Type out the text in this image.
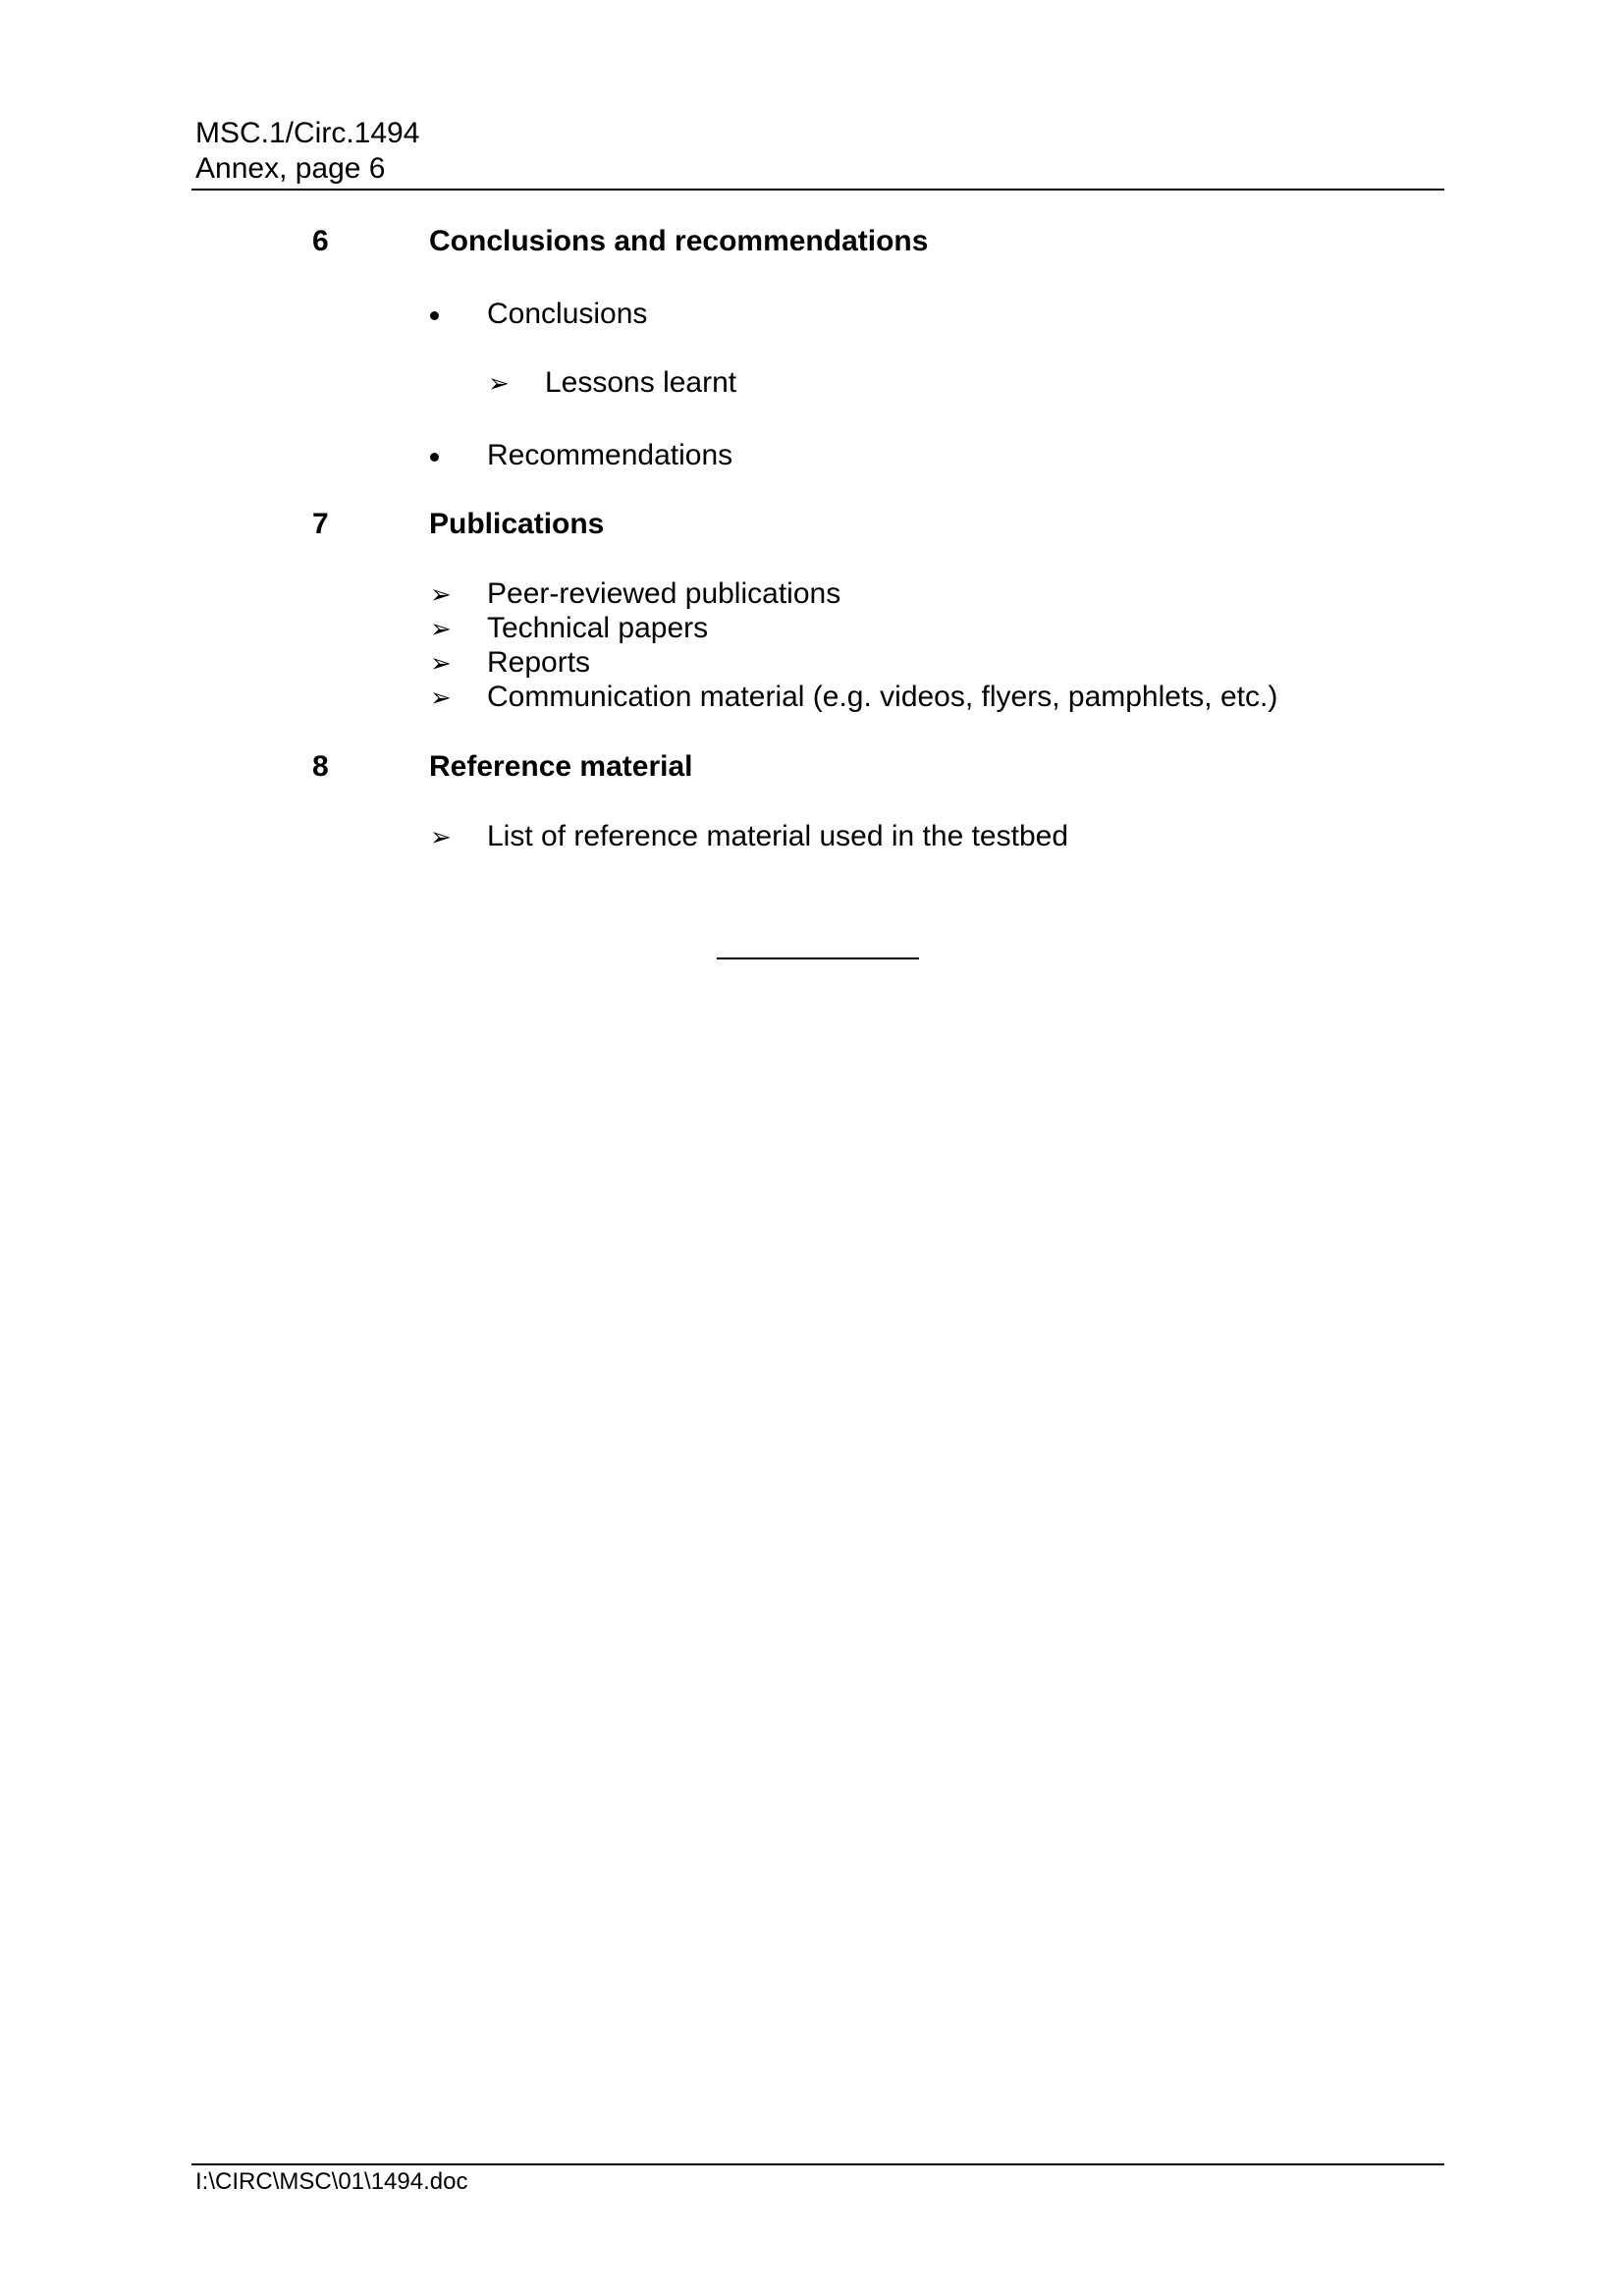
MSC.1/Circ.1494
Annex, page 6
6	Conclusions and recommendations
Conclusions
➢ Lessons learnt
Recommendations
7	Publications
➢ Peer-reviewed publications
➢ Technical papers
➢ Reports
➢ Communication material (e.g. videos, flyers, pamphlets, etc.)
8	Reference material
➢ List of reference material used in the testbed
I:\CIRC\MSC\01\1494.doc
